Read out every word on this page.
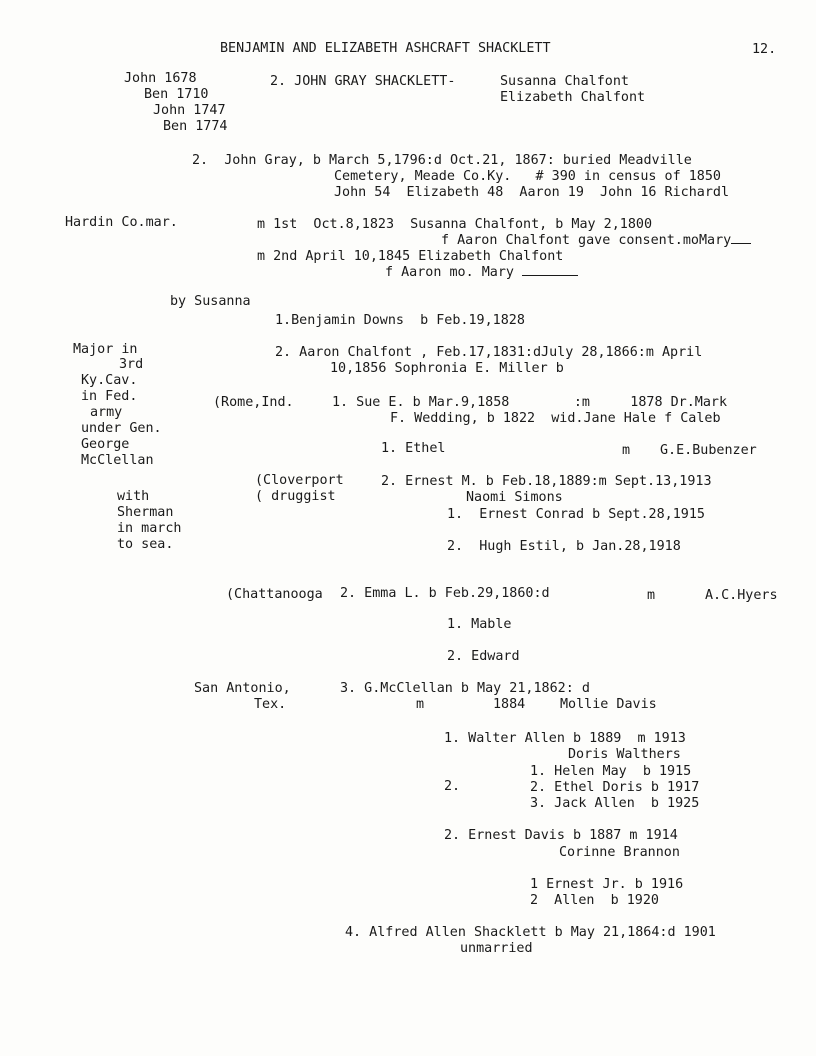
BENJAMIN AND ELIZABETH ASHCRAFT SHACKLETT	12.
John 1678
Ben 1710
John 1747
Ben 1774
2. JOHN GRAY SHACKLETT-	Susanna Chalfont
Elizabeth Chalfont
2.  John Gray, b March 5,1796:d Oct.21, 1867: buried Meadville
Cemetery, Meade Co.Ky.   # 390 in census of 1850
John 54  Elizabeth 48  Aaron 19  John 16 Richardl
Hardin Co.mar.	m 1st  Oct.8,1823  Susanna Chalfont, b May 2,1800
f Aaron Chalfont gave consent.moMary
m 2nd April 10,1845 Elizabeth Chalfont
f Aaron mo. Mary
by Susanna
1.Benjamin Downs  b Feb.19,1828
Major in
3rd
Ky.Cav.
in Fed.
army
under Gen.
George
McClellan
with
Sherman
in march
to sea.
2. Aaron Chalfont , Feb.17,1831:dJuly 28,1866:m April
10,1856 Sophronia E. Miller b
(Rome,Ind.	1. Sue E. b Mar.9,1858        :m     1878 Dr.Mark
F. Wedding, b 1822  wid.Jane Hale f Caleb
1. Ethel	m G.E.Bubenzer
(Cloverport
( druggist
2. Ernest M. b Feb.18,1889:m Sept.13,1913
Naomi Simons
1.  Ernest Conrad b Sept.28,1915
2.  Hugh Estil, b Jan.28,1918
(Chattanooga 2. Emma L. b Feb.29,1860:d	m	A.C.Hyers
1. Mable
2. Edward
San Antonio,
Tex.
3. G.McClellan b May 21,1862: d
m	1884	Mollie Davis
1. Walter Allen b 1889  m 1913
Doris Walthers
2.
1. Helen May  b 1915
2. Ethel Doris b 1917
3. Jack Allen  b 1925
2. Ernest Davis b 1887 m 1914
Corinne Brannon
1 Ernest Jr. b 1916
2  Allen  b 1920
4. Alfred Allen Shacklett b May 21,1864:d 1901
unmarried
